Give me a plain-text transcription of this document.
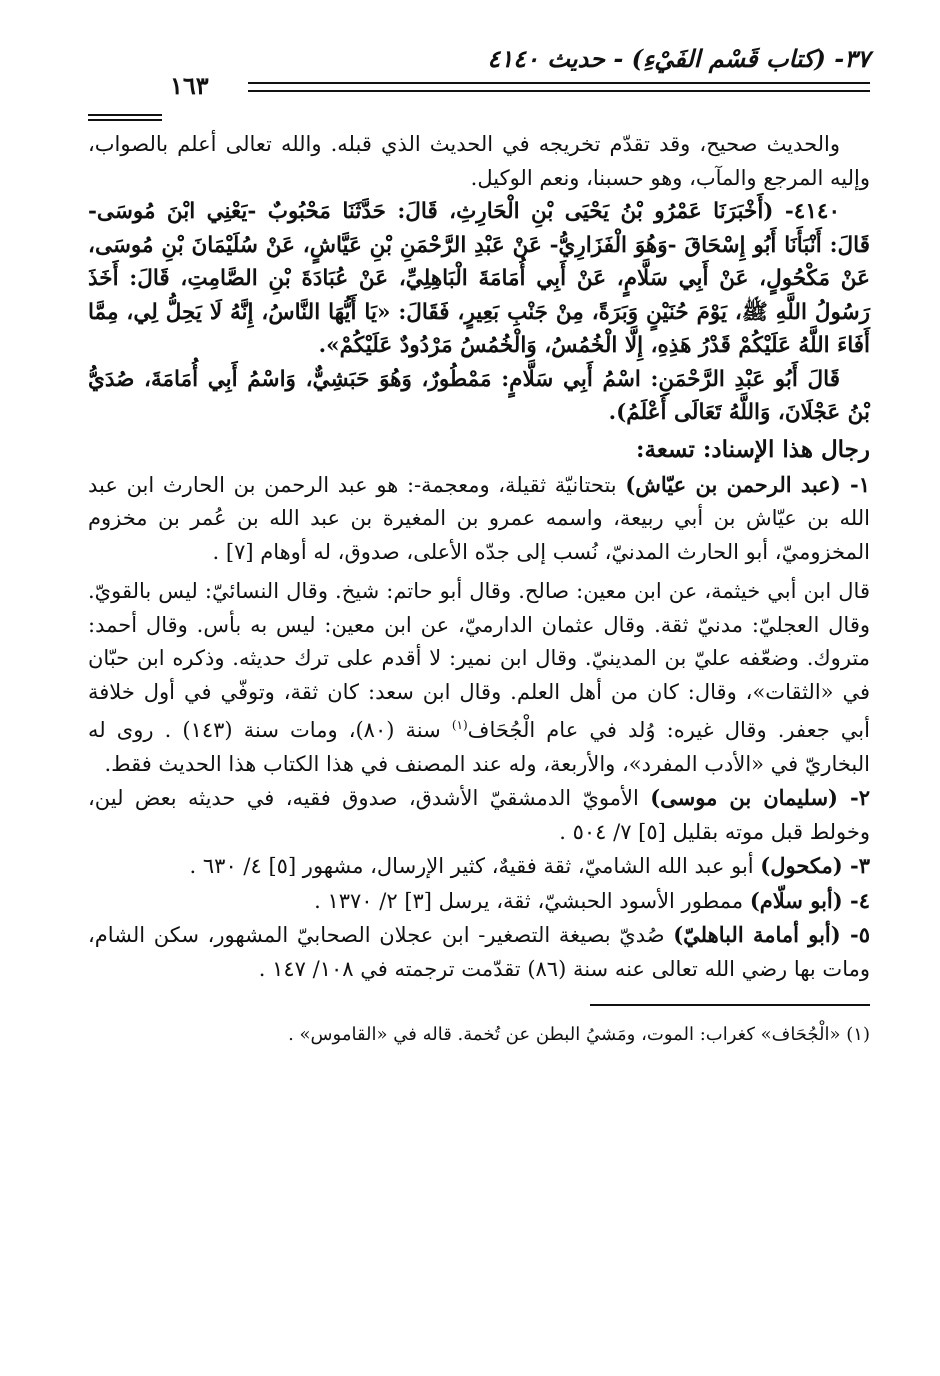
٣٧- (كتاب قَسْم الفَيْءِ) - حديث ٤١٤٠
١٦٣

والحديث صحيح، وقد تقدّم تخريجه في الحديث الذي قبله. والله تعالى أعلم بالصواب، وإليه المرجع والمآب، وهو حسبنا، ونعم الوكيل.

٤١٤٠- (أَخْبَرَنَا عَمْرُو بْنُ يَحْيَى بْنِ الْحَارِثِ، قَالَ: حَدَّثَنَا مَحْبُوبٌ -يَعْنِي ابْنَ مُوسَى- قَالَ: أَنْبَأَنَا أَبُو إِسْحَاقَ -وَهُوَ الْفَزَارِيُّ- عَنْ عَبْدِ الرَّحْمَنِ بْنِ عَيَّاشٍ، عَنْ سُلَيْمَانَ بْنِ مُوسَى، عَنْ مَكْحُولٍ، عَنْ أَبِي سَلَّامٍ، عَنْ أَبِي أُمَامَةَ الْبَاهِلِيِّ، عَنْ عُبَادَةَ بْنِ الصَّامِتِ، قَالَ: أَخَذَ رَسُولُ اللَّهِ ﷺ، يَوْمَ حُنَيْنٍ وَبَرَةً، مِنْ جَنْبِ بَعِيرٍ، فَقَالَ: «يَا أَيُّهَا النَّاسُ، إِنَّهُ لَا يَحِلُّ لِي، مِمَّا أَفَاءَ اللَّهُ عَلَيْكُمْ قَدْرُ هَذِهِ، إِلَّا الْخُمُسُ، وَالْخُمُسُ مَرْدُودٌ عَلَيْكُمْ».

قَالَ أَبُو عَبْدِ الرَّحْمَنِ: اسْمُ أَبِي سَلَّامٍ: مَمْطُورٌ، وَهُوَ حَبَشِيٌّ، وَاسْمُ أَبِي أُمَامَةَ، صُدَيُّ بْنُ عَجْلَانَ، وَاللَّهُ تَعَالَى أَعْلَمُ).

رجال هذا الإسناد: تسعة:

١- (عبد الرحمن بن عيّاش) بتحتانيّة ثقيلة، ومعجمة-: هو عبد الرحمن بن الحارث ابن عبد الله بن عيّاش بن أبي ربيعة، واسمه عمرو بن المغيرة بن عبد الله بن عُمر بن مخزوم المخزوميّ، أبو الحارث المدنيّ، نُسب إلى جدّه الأعلى، صدوق، له أوهام [٧] .

قال ابن أبي خيثمة، عن ابن معين: صالح. وقال أبو حاتم: شيخ. وقال النسائيّ: ليس بالقويّ. وقال العجليّ: مدنيّ ثقة. وقال عثمان الدارميّ، عن ابن معين: ليس به بأس. وقال أحمد: متروك. وضعّفه عليّ بن المدينيّ. وقال ابن نمير: لا أقدم على ترك حديثه. وذكره ابن حبّان في «الثقات»، وقال: كان من أهل العلم. وقال ابن سعد: كان ثقة، وتوفّي في أول خلافة أبي جعفر. وقال غيره: وُلد في عام الْجُحَاف$^{(١)}$ سنة (٨٠)، ومات سنة (١٤٣) . روى له البخاريّ في «الأدب المفرد»، والأربعة، وله عند المصنف في هذا الكتاب هذا الحديث فقط.

٢- (سليمان بن موسى) الأمويّ الدمشقيّ الأشدق، صدوق فقيه، في حديثه بعض لين، وخولط قبل موته بقليل [٥] ٧/ ٥٠٤ .

٣- (مكحول) أبو عبد الله الشاميّ، ثقة فقيهٌ، كثير الإرسال، مشهور [٥] ٤/ ٦٣٠ .

٤- (أبو سلّام) ممطور الأسود الحبشيّ، ثقة، يرسل [٣] ٢/ ١٣٧٠ .

٥- (أبو أمامة الباهليّ) صُديّ بصيغة التصغير- ابن عجلان الصحابيّ المشهور، سكن الشام، ومات بها رضي الله تعالى عنه سنة (٨٦) تقدّمت ترجمته في ١٠٨/ ١٤٧ .

(١) «الْجُحَاف» كغراب: الموت، ومَشيُ البطن عن تُخمة. قاله في «القاموس» .
